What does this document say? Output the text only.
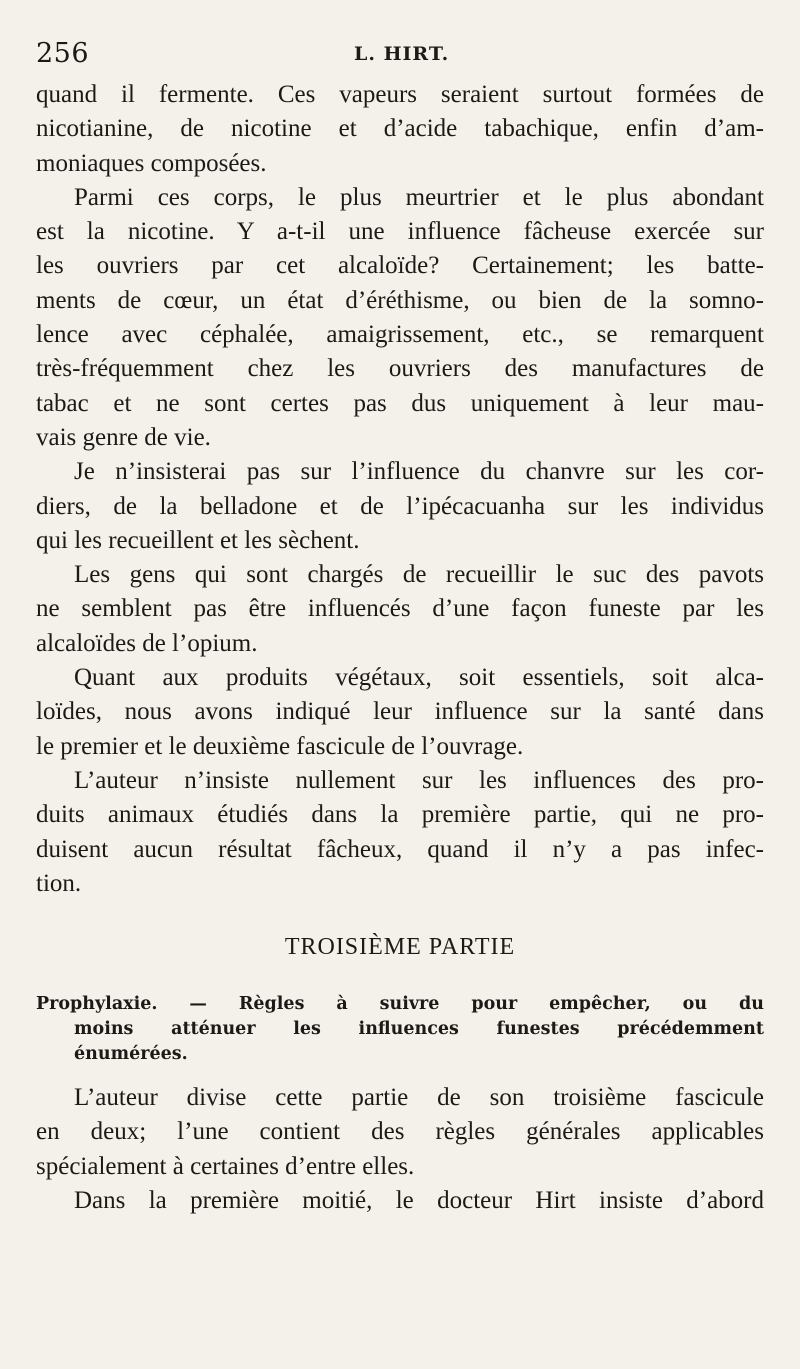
256	L. HIRT.
quand il fermente. Ces vapeurs seraient surtout formées de
nicotianine, de nicotine et d’acide tabachique, enfin d’am-
moniaques composées.
Parmi ces corps, le plus meurtrier et le plus abondant
est la nicotine. Y a-t-il une influence fâcheuse exercée sur
les ouvriers par cet alcaloïde? Certainement; les batte-
ments de cœur, un état d’éréthisme, ou bien de la somno-
lence avec céphalée, amaigrissement, etc., se remarquent
très-fréquemment chez les ouvriers des manufactures de
tabac et ne sont certes pas dus uniquement à leur mau-
vais genre de vie.
Je n’insisterai pas sur l’influence du chanvre sur les cor-
diers, de la belladone et de l’ipécacuanha sur les individus
qui les recueillent et les sèchent.
Les gens qui sont chargés de recueillir le suc des pavots
ne semblent pas être influencés d’une façon funeste par les
alcaloïdes de l’opium.
Quant aux produits végétaux, soit essentiels, soit alca-
loïdes, nous avons indiqué leur influence sur la santé dans
le premier et le deuxième fascicule de l’ouvrage.
L’auteur n’insiste nullement sur les influences des pro-
duits animaux étudiés dans la première partie, qui ne pro-
duisent aucun résultat fâcheux, quand il n’y a pas infec-
tion.
TROISIÈME PARTIE
Prophylaxie. — Règles à suivre pour empêcher, ou du
moins atténuer les influences funestes précédemment
énumérées.
L’auteur divise cette partie de son troisième fascicule
en deux; l’une contient des règles générales applicables
spécialement à certaines d’entre elles.
Dans la première moitié, le docteur Hirt insiste d’abord
